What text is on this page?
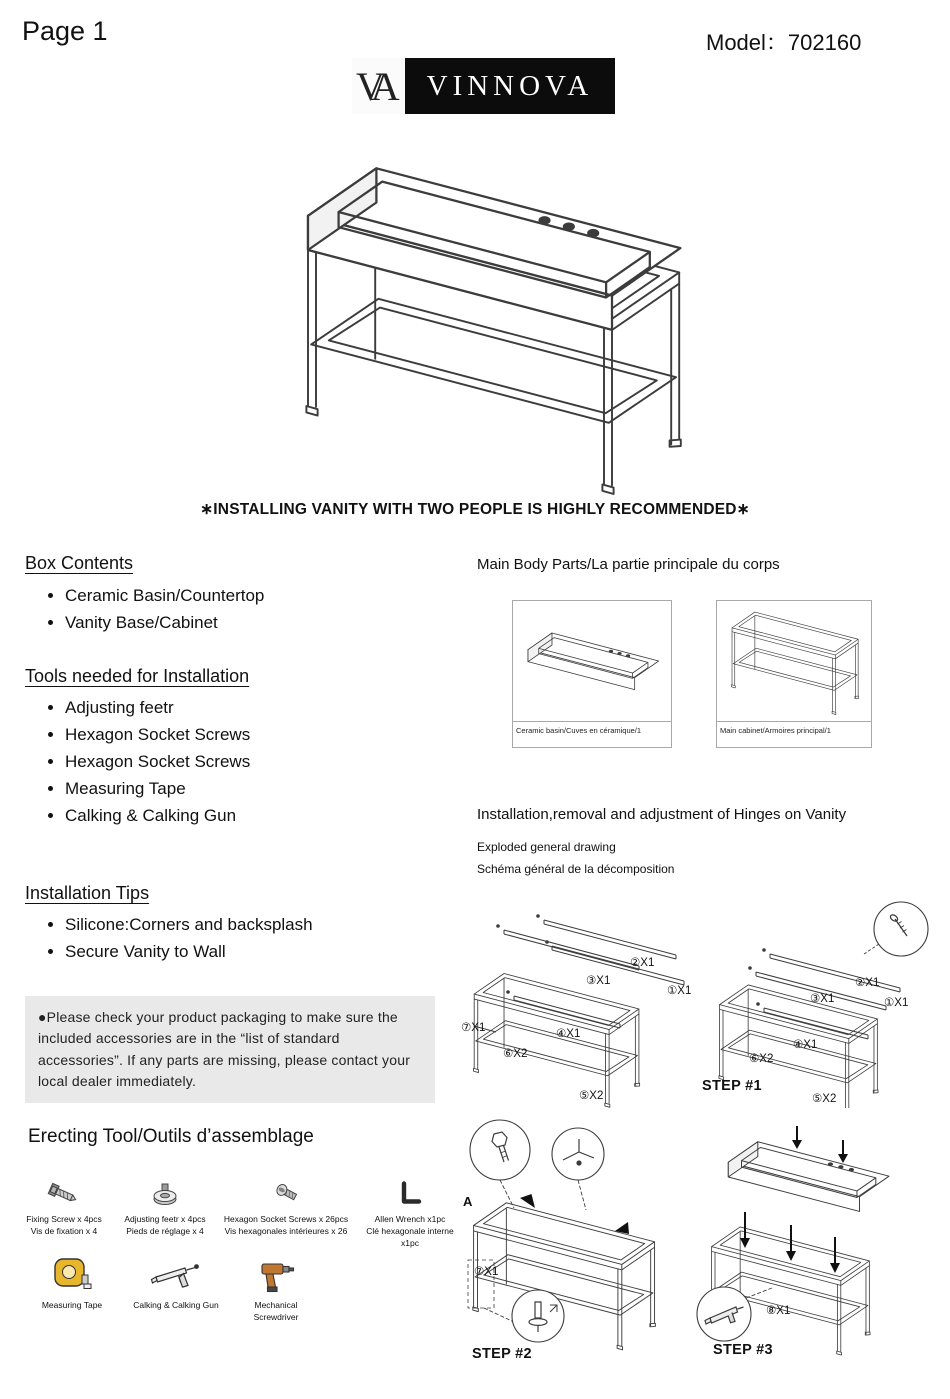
Page 1	Model：702160
VA	VINNOVA
∗INSTALLING VANITY WITH TWO PEOPLE IS HIGHLY RECOMMENDED∗
Box Contents
• Ceramic Basin/Countertop
• Vanity Base/Cabinet
Tools needed for Installation
• Adjusting feetr
• Hexagon Socket Screws
• Hexagon Socket Screws
• Measuring Tape
• Calking & Calking Gun
Installation Tips
• Silicone:Corners and backsplash
• Secure Vanity to Wall
●Please check your product packaging to make sure the included accessories are in the “list of standard accessories”. If any parts are missing, please contact your local dealer immediately.
Erecting Tool/Outils d’assemblage
Fixing Screw x 4pcs
Vis de fixation x 4
Adjusting feetr x 4pcs
Pieds de réglage x 4
Hexagon Socket Screws x 26pcs
Vis hexagonales intérieures x 26
Allen Wrench x1pc
Clé hexagonale interne x1pc
Measuring Tape	Calking & Calking Gun	Mechanical Screwdriver
Main Body Parts/La partie principale du corps
Ceramic basin/Cuves en céramique/1	Main cabinet/Armoires principal/1
Installation,removal and adjustment of Hinges on Vanity
Exploded general drawing
Schéma général de la décomposition
②X1
③X1
①X1
⑦X1	④X1
⑥X2
⑤X2
②X1
③X1	①X1
④X1
⑥X2
⑤X2
STEP #1
A
⑦X1
STEP #2
⑧X1
STEP #3
